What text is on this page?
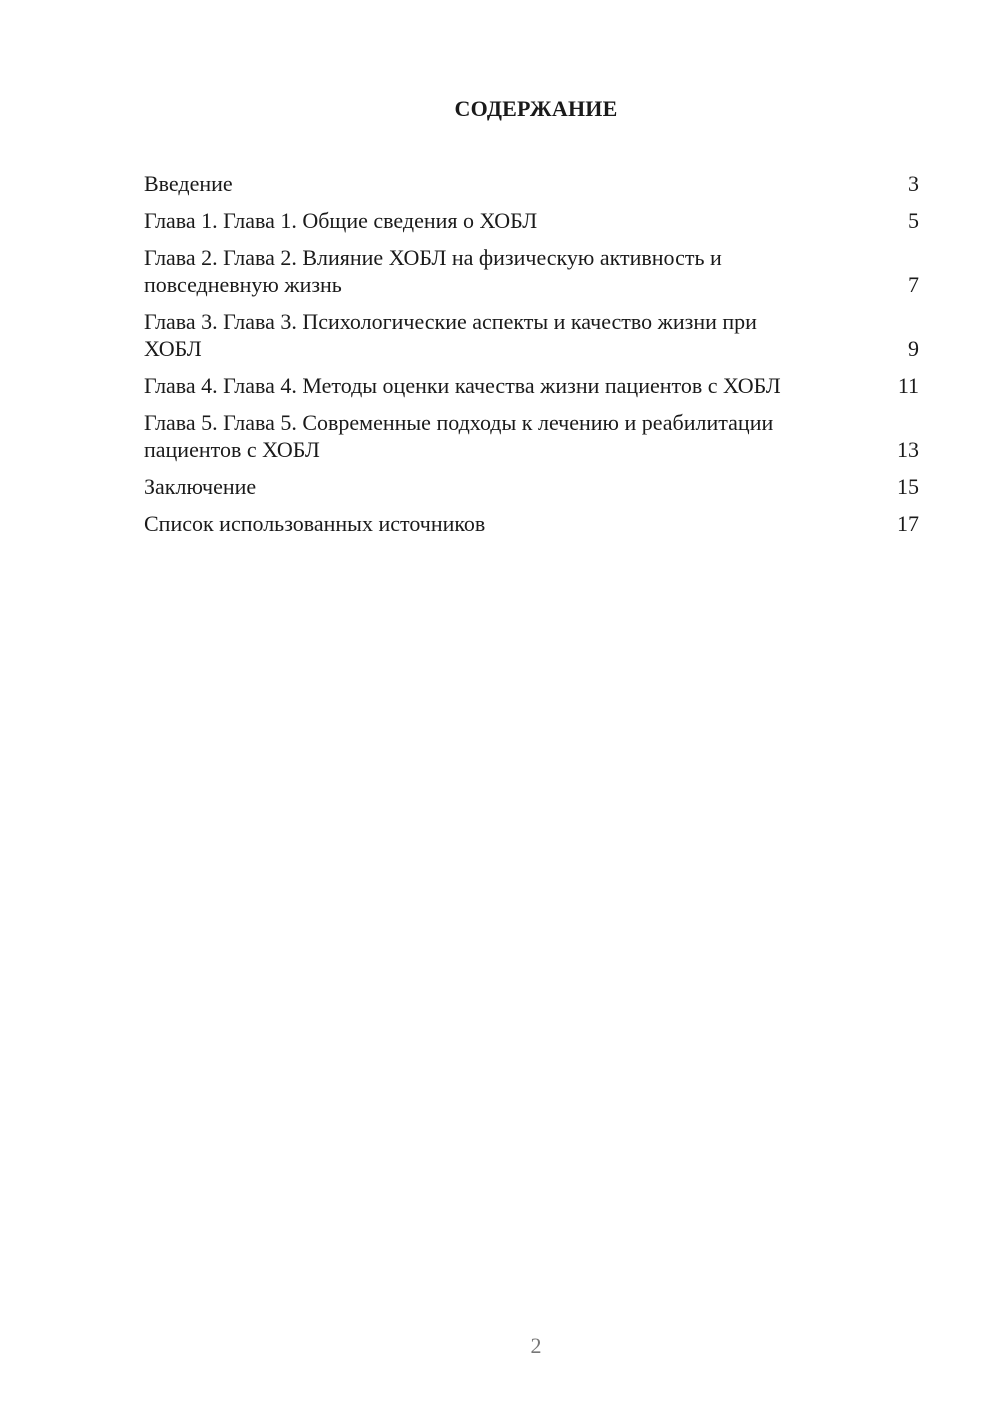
СОДЕРЖАНИЕ
Введение	3
Глава 1. Глава 1. Общие сведения о ХОБЛ	5
Глава 2. Глава 2. Влияние ХОБЛ на физическую активность и повседневную жизнь	7
Глава 3. Глава 3. Психологические аспекты и качество жизни при ХОБЛ	9
Глава 4. Глава 4. Методы оценки качества жизни пациентов с ХОБЛ	11
Глава 5. Глава 5. Современные подходы к лечению и реабилитации пациентов с ХОБЛ	13
Заключение	15
Список использованных источников	17
2
